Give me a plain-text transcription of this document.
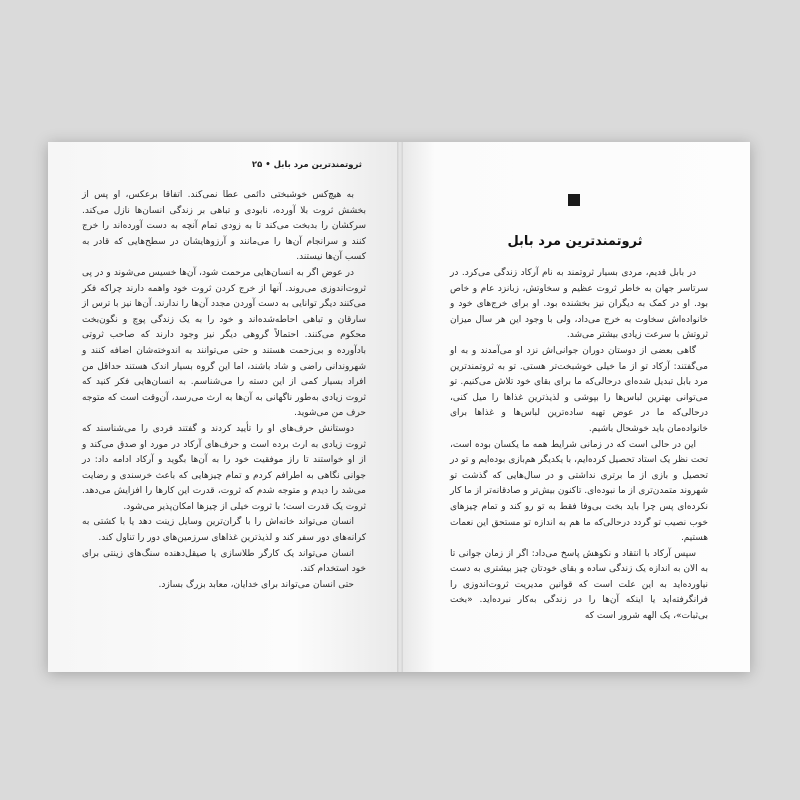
ثروتمندترین مرد بابل • ۲۵

به هیچ‌کس خوشبختی دائمی عطا نمی‌کند. اتفاقا برعکس، او پس از بخشش ثروت بلا آورده، نابودی و تباهی بر زندگی انسان‌ها نازل می‌کند. سرکشان را بدبخت می‌کند تا به زودی تمام آنچه به دست آورده‌اند را خرج کنند و سرانجام آن‌ها را می‌مانند و آرزوهایشان در سطح‌هایی که قادر به کسب آن‌ها نیستند.

در عوض اگر به انسان‌هایی مرحمت شود، آن‌ها خسیس می‌شوند و در پی ثروت‌اندوزی می‌روند. آنها از خرج کردن ثروت خود واهمه دارند چراکه فکر می‌کنند دیگر توانایی به دست آوردن مجدد آن‌ها را ندارند. آن‌ها نیز با ترس از سارقان و تباهی احاطه‌شده‌اند و خود را به یک زندگی پوچ و نگون‌بخت محکوم می‌کنند. احتمالاً گروهی دیگر نیز وجود دارند که صاحب ثروتی بادآورده و بی‌زحمت هستند و حتی می‌توانند به اندوخته‌شان اضافه کنند و شهروندانی راضی و شاد باشند، اما این گروه بسیار اندک هستند حداقل من افراد بسیار کمی از این دسته را می‌شناسم. به انسان‌هایی فکر کنید که ثروت زیادی به‌طور ناگهانی به آن‌ها به ارث می‌رسد، آن‌وقت است که متوجه حرف من می‌شوید.

دوستانش حرف‌های او را تأیید کردند و گفتند فردی را می‌شناسند که ثروت زیادی به ارث برده است و حرف‌های آرکاد در مورد او صدق می‌کند و از او خواستند تا راز موفقیت خود را به آن‌ها بگوید و آرکاد ادامه داد: در جوانی نگاهی به اطرافم کردم و تمام چیزهایی که باعث خرسندی و رضایت می‌شد را دیدم و متوجه شدم که ثروت، قدرت این کارها را افزایش می‌دهد. ثروت یک قدرت است؛ با ثروت خیلی از چیزها امکان‌پذیر می‌شود.

انسان می‌تواند خانه‌اش را با گران‌ترین وسایل زینت دهد یا با کشتی به کرانه‌های دور سفر کند و لذیذترین غذاهای سرزمین‌های دور را تناول کند.

انسان می‌تواند یک کارگر طلاسازی یا صیقل‌دهنده سنگ‌های زینتی برای خود استخدام کند.

حتی انسان می‌تواند برای خدایان، معابد بزرگ بسازد.

ثروتمندترین مرد بابل

در بابل قدیم، مردی بسیار ثروتمند به نام آرکاد زندگی می‌کرد. در سرتاسر جهان به خاطر ثروت عظیم و سخاوتش، زبانزد عام و خاص بود. او در کمک به دیگران نیز بخشنده بود. او برای خرج‌های خود و خانواده‌اش سخاوت به خرج می‌داد، ولی با وجود این هر سال میزان ثروتش با سرعت زیادی بیشتر می‌شد.

گاهی بعضی از دوستان دوران جوانی‌اش نزد او می‌آمدند و به او می‌گفتند: آرکاد تو از ما خیلی خوشبخت‌تر هستی. تو به ثروتمندترین مرد بابل تبدیل شده‌ای درحالی‌که ما برای بقای خود تلاش می‌کنیم. تو می‌توانی بهترین لباس‌ها را بپوشی و لذیذترین غذاها را میل کنی، درحالی‌که ما در عوض تهیه ساده‌ترین لباس‌ها و غذاها برای خانواده‌مان باید خوشحال باشیم.

این در حالی است که در زمانی شرایط همه ما یکسان بوده است، تحت نظر یک استاد تحصیل کرده‌ایم، با یکدیگر هم‌بازی بوده‌ایم و تو در تحصیل و بازی از ما برتری نداشتی و در سال‌هایی که گذشت تو شهروند متمدن‌تری از ما نبوده‌ای. تاکنون بیش‌تر و صادقانه‌تر از ما کار نکرده‌ای پس چرا باید بخت بی‌وفا فقط به تو رو کند و تمام چیزهای خوب نصیب تو گردد درحالی‌که ما هم به اندازه تو مستحق این نعمات هستیم.

سپس آرکاد با انتقاد و نکوهش پاسخ می‌داد: اگر از زمان جوانی تا به الان به اندازه یک زندگی ساده و بقای خودتان چیز بیشتری به دست نیاورده‌اید به این علت است که قوانین مدیریت ثروت‌اندوزی را فرانگرفته‌اید یا اینکه آن‌ها را در زندگی به‌کار نبرده‌اید. «بخت بی‌ثبات»، یک الهه شرور است که
